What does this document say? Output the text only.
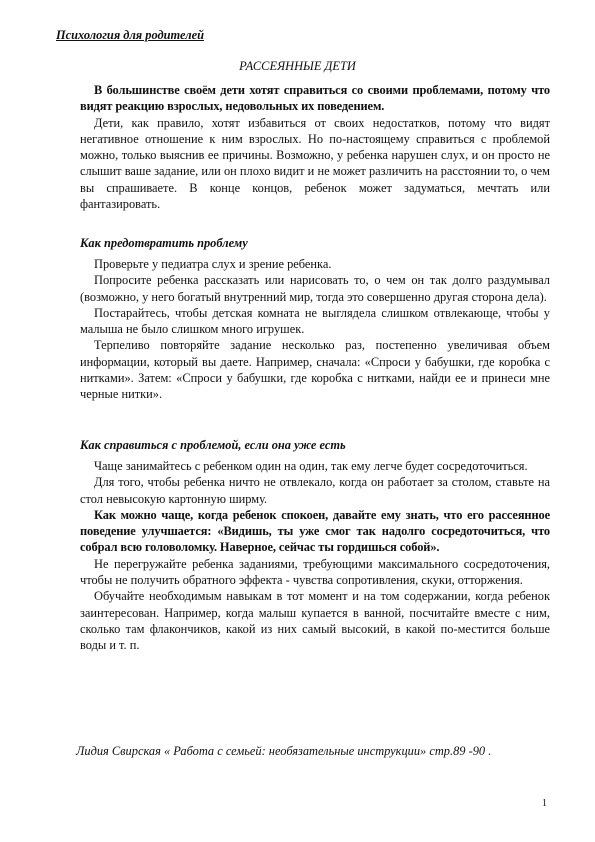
Психология для родителей
РАССЕЯННЫЕ ДЕТИ

В большинстве своём дети хотят справиться со своими проблемами, потому что видят реакцию взрослых, недовольных их поведением.

Дети, как правило, хотят избавиться от своих недостатков, потому что видят негативное отношение к ним взрослых. Но по-настоящему справиться с проблемой можно, только выяснив ее причины. Возможно, у ребенка нарушен слух, и он просто не слышит ваше задание, или он плохо видит и не может различить на расстоянии то, о чем вы спрашиваете. В конце концов, ребенок может задуматься, мечтать или фантазировать.

Как предотвратить проблему

Проверьте у педиатра слух и зрение ребенка.

Попросите ребенка рассказать или нарисовать то, о чем он так долго раздумывал (возможно, у него богатый внутренний мир, тогда это совершенно другая сторона дела).

Постарайтесь, чтобы детская комната не выглядела слишком отвлекающе, чтобы у малыша не было слишком много игрушек.

Терпеливо повторяйте задание несколько раз, постепенно увеличивая объем информации, который вы даете. Например, сначала: «Спроси у бабушки, где коробка с нитками». Затем: «Спроси у бабушки, где коробка с нитками, найди ее и принеси мне черные нитки».

Как справиться с проблемой, если она уже есть

Чаще занимайтесь с ребенком один на один, так ему легче будет сосредоточиться.

Для того, чтобы ребенка ничто не отвлекало, когда он работает за столом, ставьте на стол невысокую картонную ширму.

Как можно чаще, когда ребенок спокоен, давайте ему знать, что его рассеянное поведение улучшается: «Видишь, ты уже смог так надолго сосредоточиться, что собрал всю головоломку. Наверное, сейчас ты гордишься собой».

Не перегружайте ребенка заданиями, требующими максимального сосредоточения, чтобы не получить обратного эффекта - чувства сопротивления, скуки, отторжения.

Обучайте необходимым навыкам в тот момент и на том содержании, когда ребенок заинтересован. Например, когда малыш купается в ванной, посчитайте вместе с ним, сколько там флакончиков, какой из них самый высокий, в какой по-местится больше воды и т. п.

Лидия Свирская « Работа с семьей: необязательные инструкции» стр.89 -90 .
1
